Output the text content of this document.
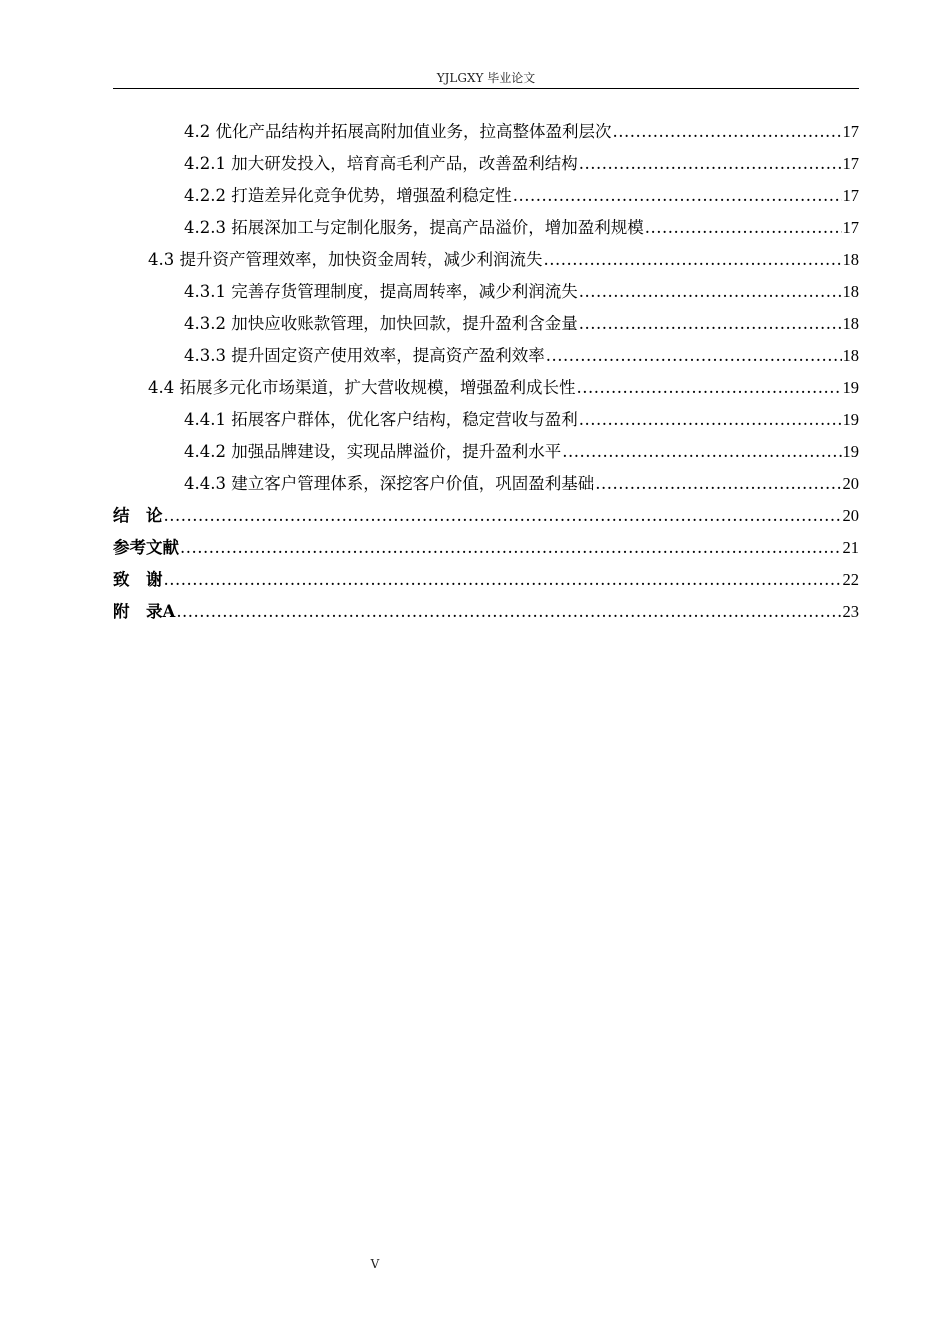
YJLGXY 毕业论文
4.2 优化产品结构并拓展高附加值业务，拉高整体盈利层次 .....	17
4.2.1 加大研发投入，培育高毛利产品，改善盈利结构 .....	17
4.2.2 打造差异化竞争优势，增强盈利稳定性 .....	17
4.2.3 拓展深加工与定制化服务，提高产品溢价，增加盈利规模 .....	17
4.3 提升资产管理效率，加快资金周转，减少利润流失 .....	18
4.3.1 完善存货管理制度，提高周转率，减少利润流失 .....	18
4.3.2 加快应收账款管理，加快回款，提升盈利含金量 .....	18
4.3.3 提升固定资产使用效率，提高资产盈利效率 .....	18
4.4 拓展多元化市场渠道，扩大营收规模，增强盈利成长性 .....	19
4.4.1 拓展客户群体，优化客户结构，稳定营收与盈利 .....	19
4.4.2 加强品牌建设，实现品牌溢价，提升盈利水平 .....	19
4.4.3 建立客户管理体系，深挖客户价值，巩固盈利基础 .....	20
结　论 .....	20
参考文献 .....	21
致　谢 .....	22
附　录A .....	23
V
